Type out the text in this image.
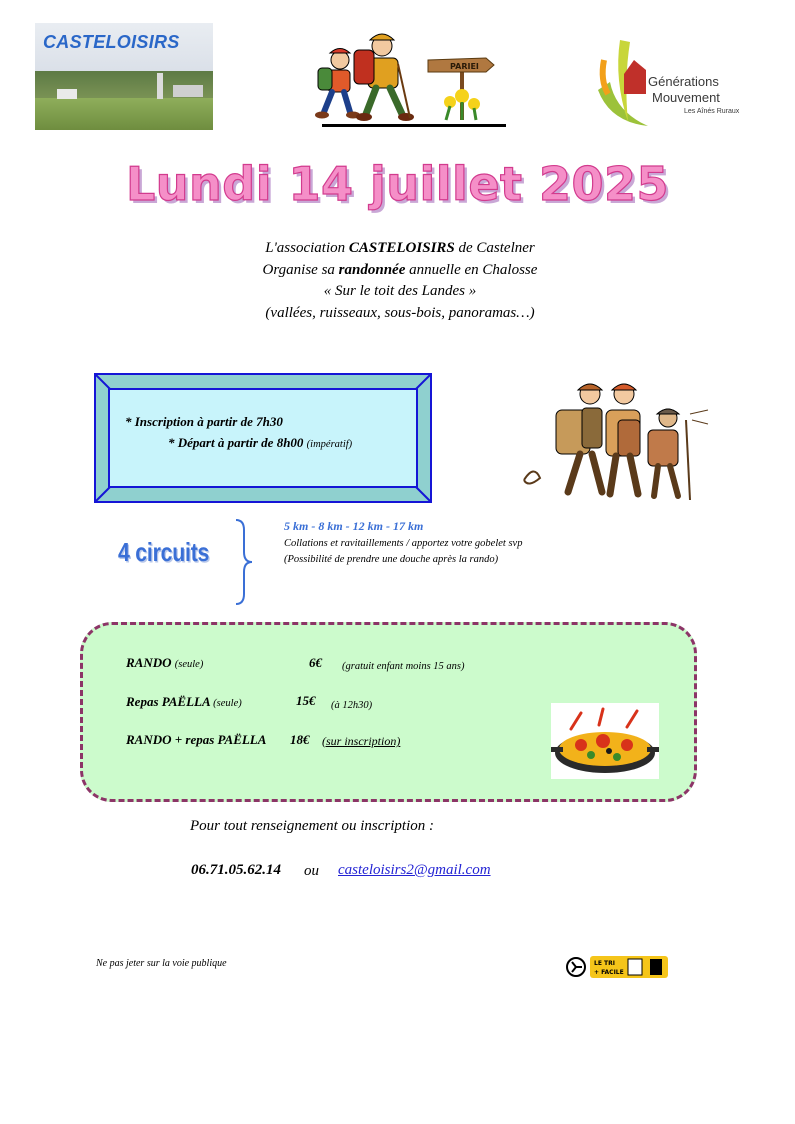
CASTELOISIRS
PARIEI
Générations
Mouvement
Les Aînés Ruraux
Lundi 14 juillet 2025
L'association CASTELOISIRS de Castelner
Organise sa randonnée annuelle en Chalosse
« Sur le toit des Landes »
(vallées, ruisseaux, sous-bois, panoramas…)
* Inscription à partir de 7h30
* Départ à partir de 8h00 (impératif)
4 circuits
5 km - 8 km - 12 km - 17 km
Collations et ravitaillements / apportez votre gobelet svp
(Possibilité de prendre une douche après la rando)
RANDO (seule)	6€ (gratuit enfant moins 15 ans)
Repas PAËLLA (seule)	15€ (à 12h30)
RANDO + repas PAËLLA 18€ (sur inscription)
Pour tout renseignement ou inscription :
06.71.05.62.14 ou casteloisirs2@gmail.com
Ne pas jeter sur la voie publique	LE TRI
+ FACILE
